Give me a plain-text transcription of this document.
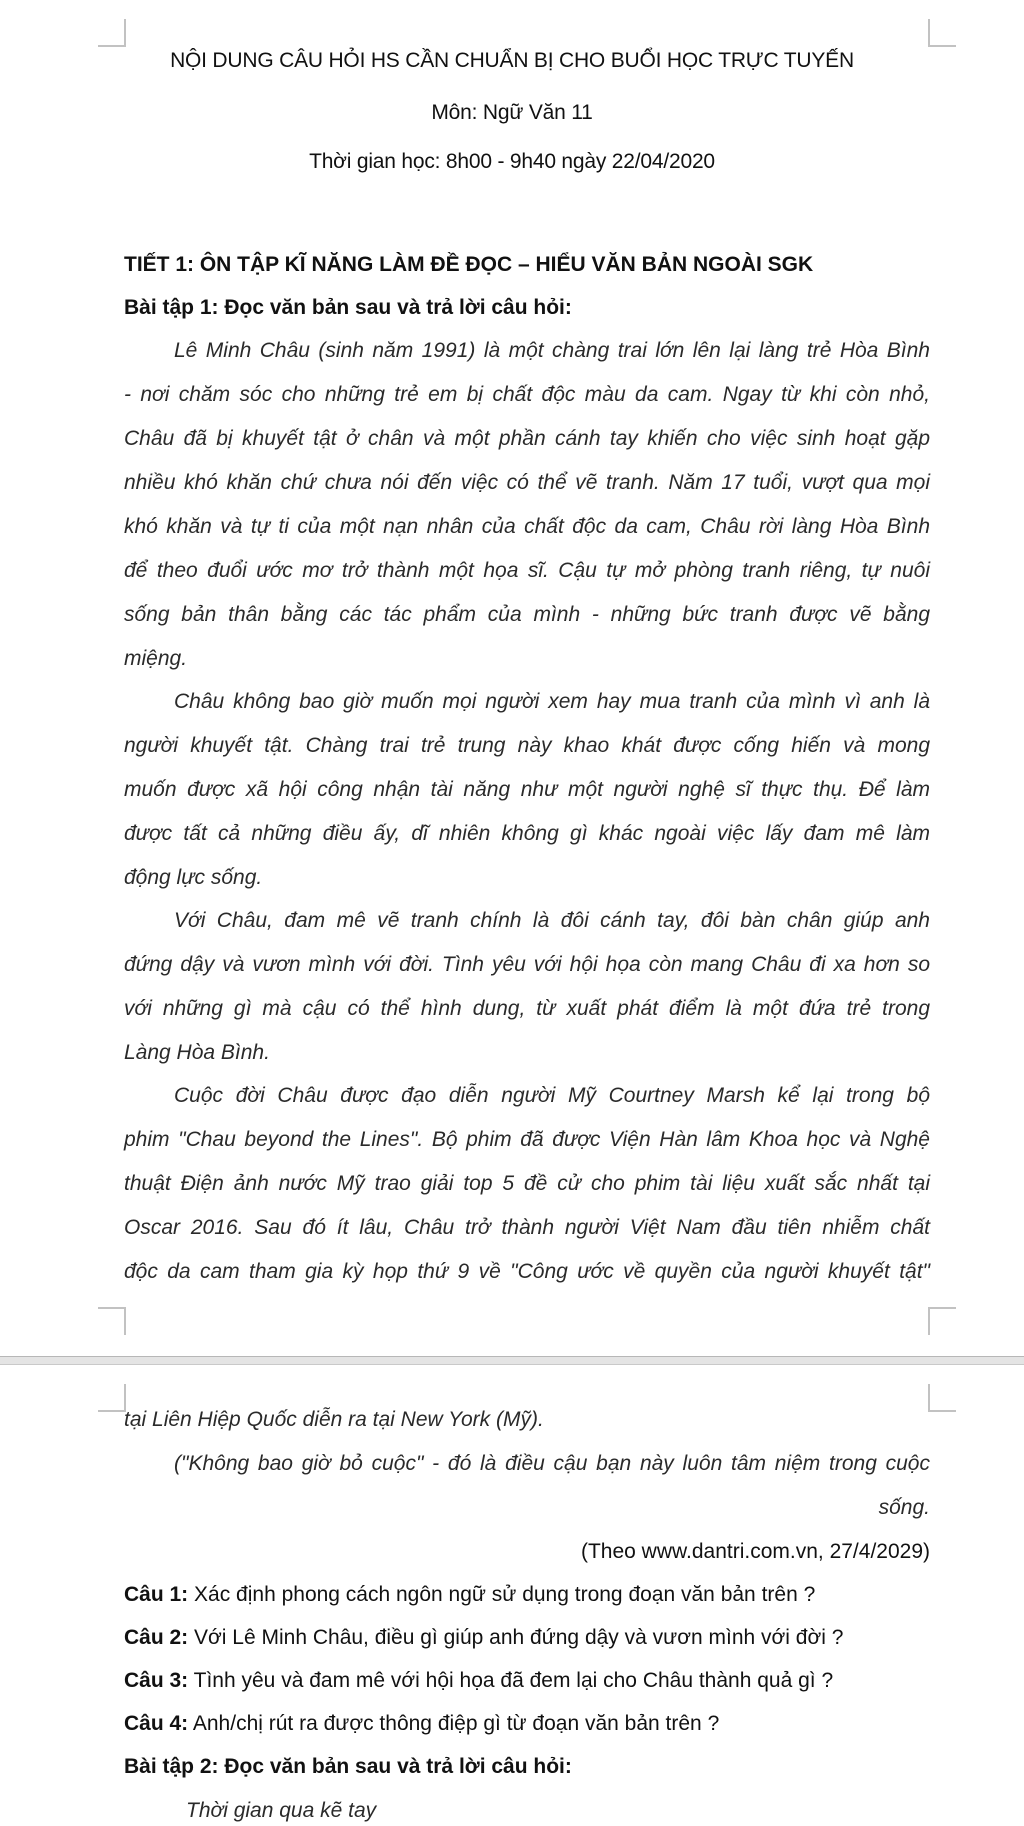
NỘI DUNG CÂU HỎI HS CẦN CHUẨN BỊ CHO BUỔI HỌC TRỰC TUYẾN
Môn: Ngữ Văn 11
Thời gian học: 8h00 - 9h40 ngày 22/04/2020
TIẾT 1: ÔN TẬP KĨ NĂNG LÀM ĐỀ ĐỌC – HIỂU VĂN BẢN NGOÀI SGK
Bài tập 1: Đọc văn bản sau và trả lời câu hỏi:
Lê Minh Châu (sinh năm 1991) là một chàng trai lớn lên lại làng trẻ Hòa Bình
- nơi chăm sóc cho những trẻ em bị chất độc màu da cam. Ngay từ khi còn nhỏ,
Châu đã bị khuyết tật ở chân và một phần cánh tay khiến cho việc sinh hoạt gặp
nhiều khó khăn chứ chưa nói đến việc có thể vẽ tranh. Năm 17 tuổi, vượt qua mọi
khó khăn và tự ti của một nạn nhân của chất độc da cam, Châu rời làng Hòa Bình
để theo đuổi ước mơ trở thành một họa sĩ. Cậu tự mở phòng tranh riêng, tự nuôi
sống bản thân bằng các tác phẩm của mình - những bức tranh được vẽ bằng
miệng.
Châu không bao giờ muốn mọi người xem hay mua tranh của mình vì anh là
người khuyết tật. Chàng trai trẻ trung này khao khát được cống hiến và mong
muốn được xã hội công nhận tài năng như một người nghệ sĩ thực thụ. Để làm
được tất cả những điều ấy, dĩ nhiên không gì khác ngoài việc lấy đam mê làm
động lực sống.
Với Châu, đam mê vẽ tranh chính là đôi cánh tay, đôi bàn chân giúp anh
đứng dậy và vươn mình với đời. Tình yêu với hội họa còn mang Châu đi xa hơn so
với những gì mà cậu có thể hình dung, từ xuất phát điểm là một đứa trẻ trong
Làng Hòa Bình.
Cuộc đời Châu được đạo diễn người Mỹ Courtney Marsh kể lại trong bộ
phim "Chau beyond the Lines". Bộ phim đã được Viện Hàn lâm Khoa học và Nghệ
thuật Điện ảnh nước Mỹ trao giải top 5 đề cử cho phim tài liệu xuất sắc nhất tại
Oscar 2016. Sau đó ít lâu, Châu trở thành người Việt Nam đầu tiên nhiễm chất
độc da cam tham gia kỳ họp thứ 9 về "Công ước về quyền của người khuyết tật"
tại Liên Hiệp Quốc diễn ra tại New York (Mỹ).
("Không bao giờ bỏ cuộc" - đó là điều cậu bạn này luôn tâm niệm trong cuộc
sống.
(Theo www.dantri.com.vn, 27/4/2029)
Câu 1: Xác định phong cách ngôn ngữ sử dụng trong đoạn văn bản trên ?
Câu 2: Với Lê Minh Châu, điều gì giúp anh đứng dậy và vươn mình với đời ?
Câu 3: Tình yêu và đam mê với hội họa đã đem lại cho Châu thành quả gì ?
Câu 4: Anh/chị rút ra được thông điệp gì từ đoạn văn bản trên ?
Bài tập 2: Đọc văn bản sau và trả lời câu hỏi:
Thời gian qua kẽ tay
